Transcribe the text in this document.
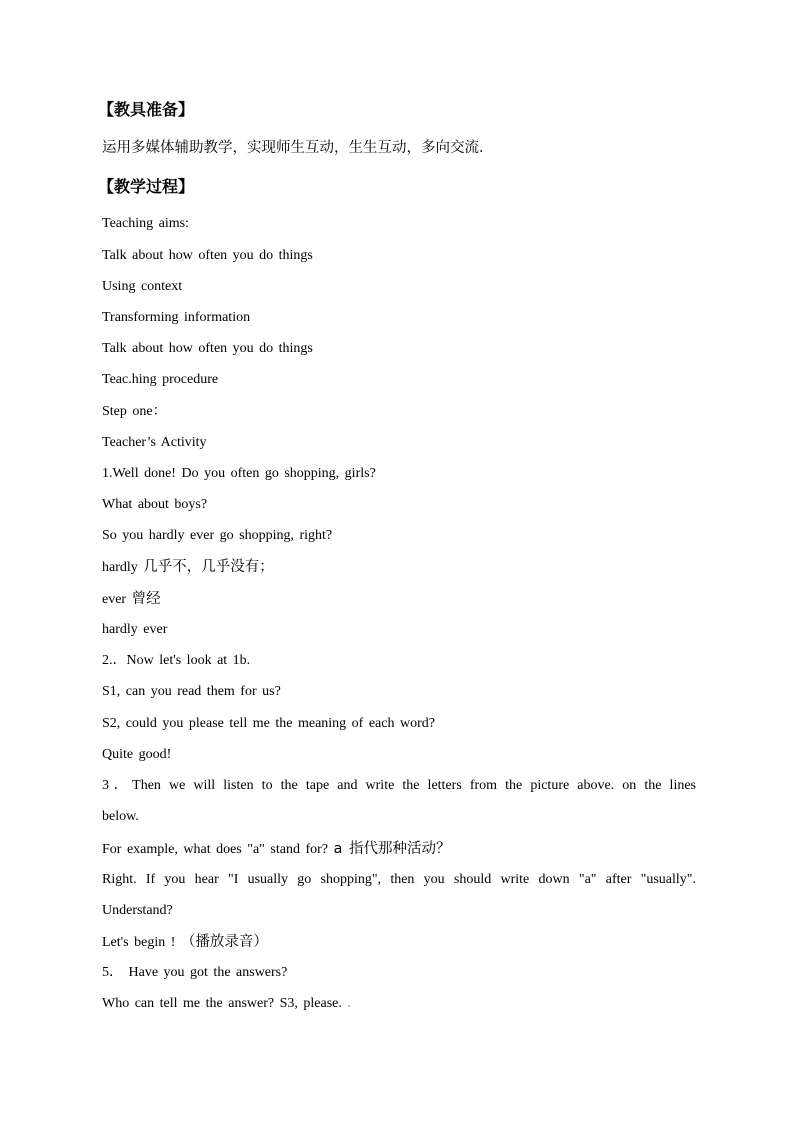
【教具准备】
运用多媒体辅助教学，实现师生互动，生生互动，多向交流.
【教学过程】
Teaching aims:
Talk about how often you do things
Using context
Transforming information
Talk about how often you do things
Teac.hing procedure
Step one：
Teacher’s Activity
1.Well done! Do you often go shopping, girls?
What about boys?
So you hardly ever go shopping, right?
hardly 几乎不，几乎没有；
ever 曾经
hardly ever
2.．Now let's look at 1b.
S1, can you read them for us?
S2, could you please tell me the meaning of each word?
Quite good!
3．Then we will listen to the tape and write the letters from the picture above. on the lines
below.
For example, what does "a" stand for? a 指代那种活动？
Right. If you hear "I usually go shopping", then you should write down "a" after "usually".
Understand?
Let's begin ! （播放录音）
5． Have you got the answers?
Who can tell me the answer? S3, please. .
